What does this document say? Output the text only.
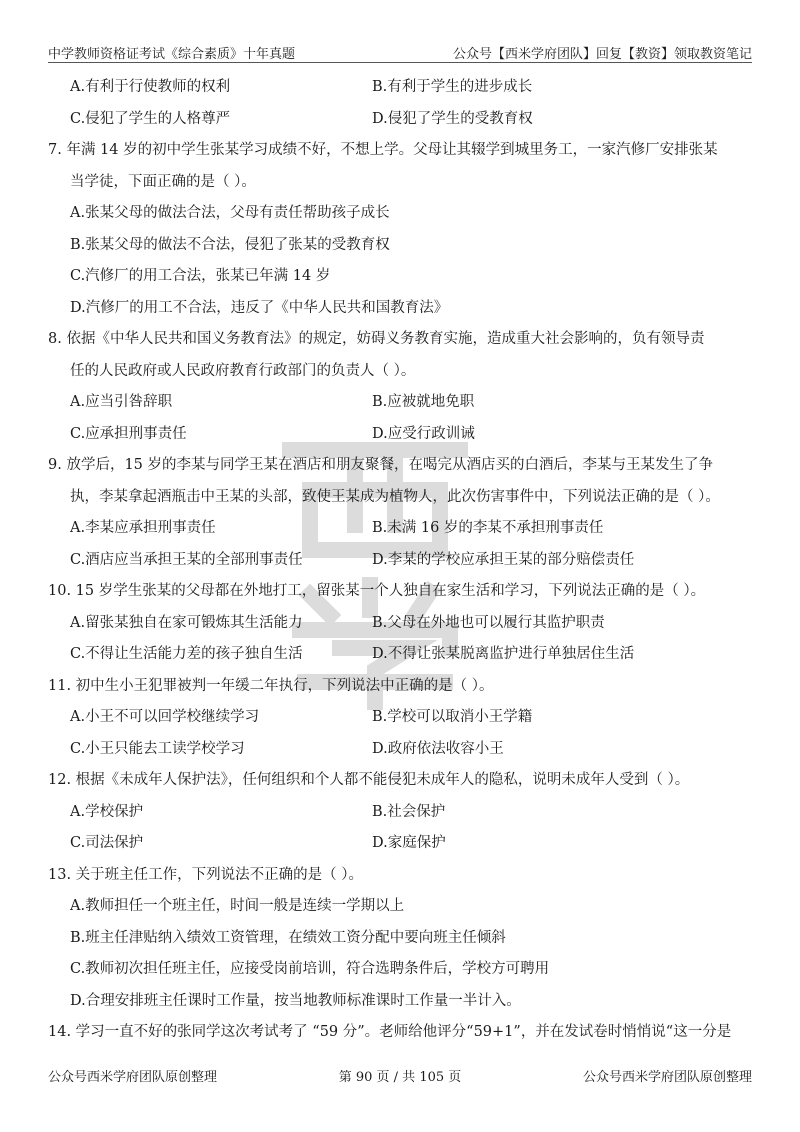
中学教师资格证考试《综合素质》十年真题	公众号【西米学府团队】回复【教资】领取教资笔记
A.有利于行使教师的权利	B.有利于学生的进步成长
C.侵犯了学生的人格尊严	D.侵犯了学生的受教育权
7. 年满 14 岁的初中学生张某学习成绩不好，不想上学。父母让其辍学到城里务工，一家汽修厂安排张某
当学徒，下面正确的是（ ）。
A.张某父母的做法合法，父母有责任帮助孩子成长
B.张某父母的做法不合法，侵犯了张某的受教育权
C.汽修厂的用工合法，张某已年满 14 岁
D.汽修厂的用工不合法，违反了《中华人民共和国教育法》
8. 依据《中华人民共和国义务教育法》的规定，妨碍义务教育实施，造成重大社会影响的，负有领导责
任的人民政府或人民政府教育行政部门的负责人（ ）。
A.应当引咎辞职	B.应被就地免职
C.应承担刑事责任	D.应受行政训诫
9. 放学后，15 岁的李某与同学王某在酒店和朋友聚餐，在喝完从酒店买的白酒后，李某与王某发生了争
执，李某拿起酒瓶击中王某的头部，致使王某成为植物人，此次伤害事件中，下列说法正确的是（ ）。
A.李某应承担刑事责任	B.未满 16 岁的李某不承担刑事责任
C.酒店应当承担王某的全部刑事责任	D.李某的学校应承担王某的部分赔偿责任
10. 15 岁学生张某的父母都在外地打工，留张某一个人独自在家生活和学习，下列说法正确的是（ ）。
A.留张某独自在家可锻炼其生活能力	B.父母在外地也可以履行其监护职责
C.不得让生活能力差的孩子独自生活	D.不得让张某脱离监护进行单独居住生活
11. 初中生小王犯罪被判一年缓二年执行，下列说法中正确的是（ ）。
A.小王不可以回学校继续学习	B.学校可以取消小王学籍
C.小王只能去工读学校学习	D.政府依法收容小王
12. 根据《未成年人保护法》，任何组织和个人都不能侵犯未成年人的隐私，说明未成年人受到（ ）。
A.学校保护	B.社会保护
C.司法保护	D.家庭保护
13. 关于班主任工作，下列说法不正确的是（ ）。
A.教师担任一个班主任，时间一般是连续一学期以上
B.班主任津贴纳入绩效工资管理，在绩效工资分配中要向班主任倾斜
C.教师初次担任班主任，应接受岗前培训，符合选聘条件后，学校方可聘用
D.合理安排班主任课时工作量，按当地教师标准课时工作量一半计入。
14. 学习一直不好的张同学这次考试考了 “59 分”。老师给他评分“59+1”，并在发试卷时悄悄说“这一分是
公众号西米学府团队原创整理	第 90 页 / 共 105 页	公众号西米学府团队原创整理
